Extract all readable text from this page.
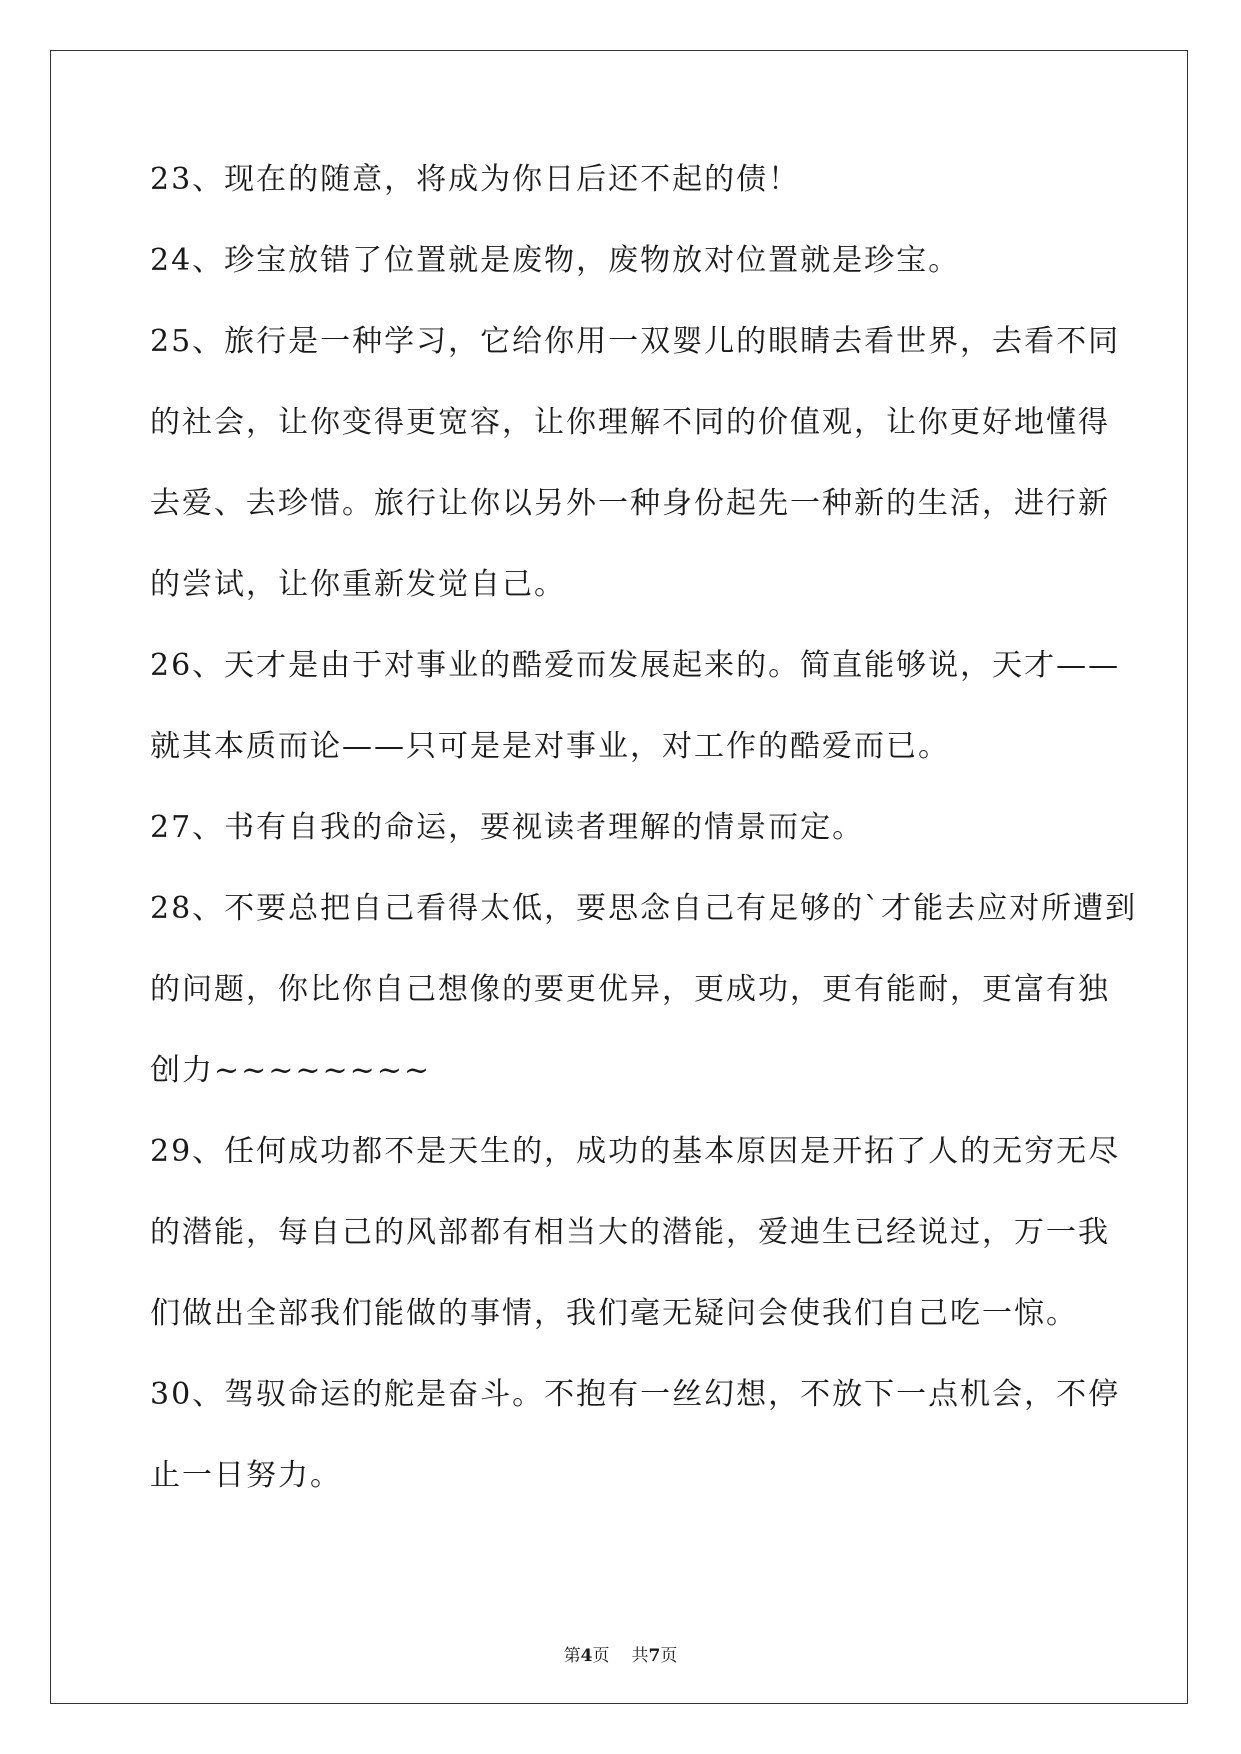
23、现在的随意，将成为你日后还不起的债！
24、珍宝放错了位置就是废物，废物放对位置就是珍宝。
25、旅行是一种学习，它给你用一双婴儿的眼睛去看世界，去看不同
的社会，让你变得更宽容，让你理解不同的价值观，让你更好地懂得
去爱、去珍惜。旅行让你以另外一种身份起先一种新的生活，进行新
的尝试，让你重新发觉自己。
26、天才是由于对事业的酷爱而发展起来的。简直能够说，天才——
就其本质而论——只可是是对事业，对工作的酷爱而已。
27、书有自我的命运，要视读者理解的情景而定。
28、不要总把自己看得太低，要思念自己有足够的`才能去应对所遭到
的问题，你比你自己想像的要更优异，更成功，更有能耐，更富有独
创力~~~~~~~~
29、任何成功都不是天生的，成功的基本原因是开拓了人的无穷无尽
的潜能，每自己的风部都有相当大的潜能，爱迪生已经说过，万一我
们做出全部我们能做的事情，我们毫无疑问会使我们自己吃一惊。
30、驾驭命运的舵是奋斗。不抱有一丝幻想，不放下一点机会，不停
止一日努力。
第4页 共7页
